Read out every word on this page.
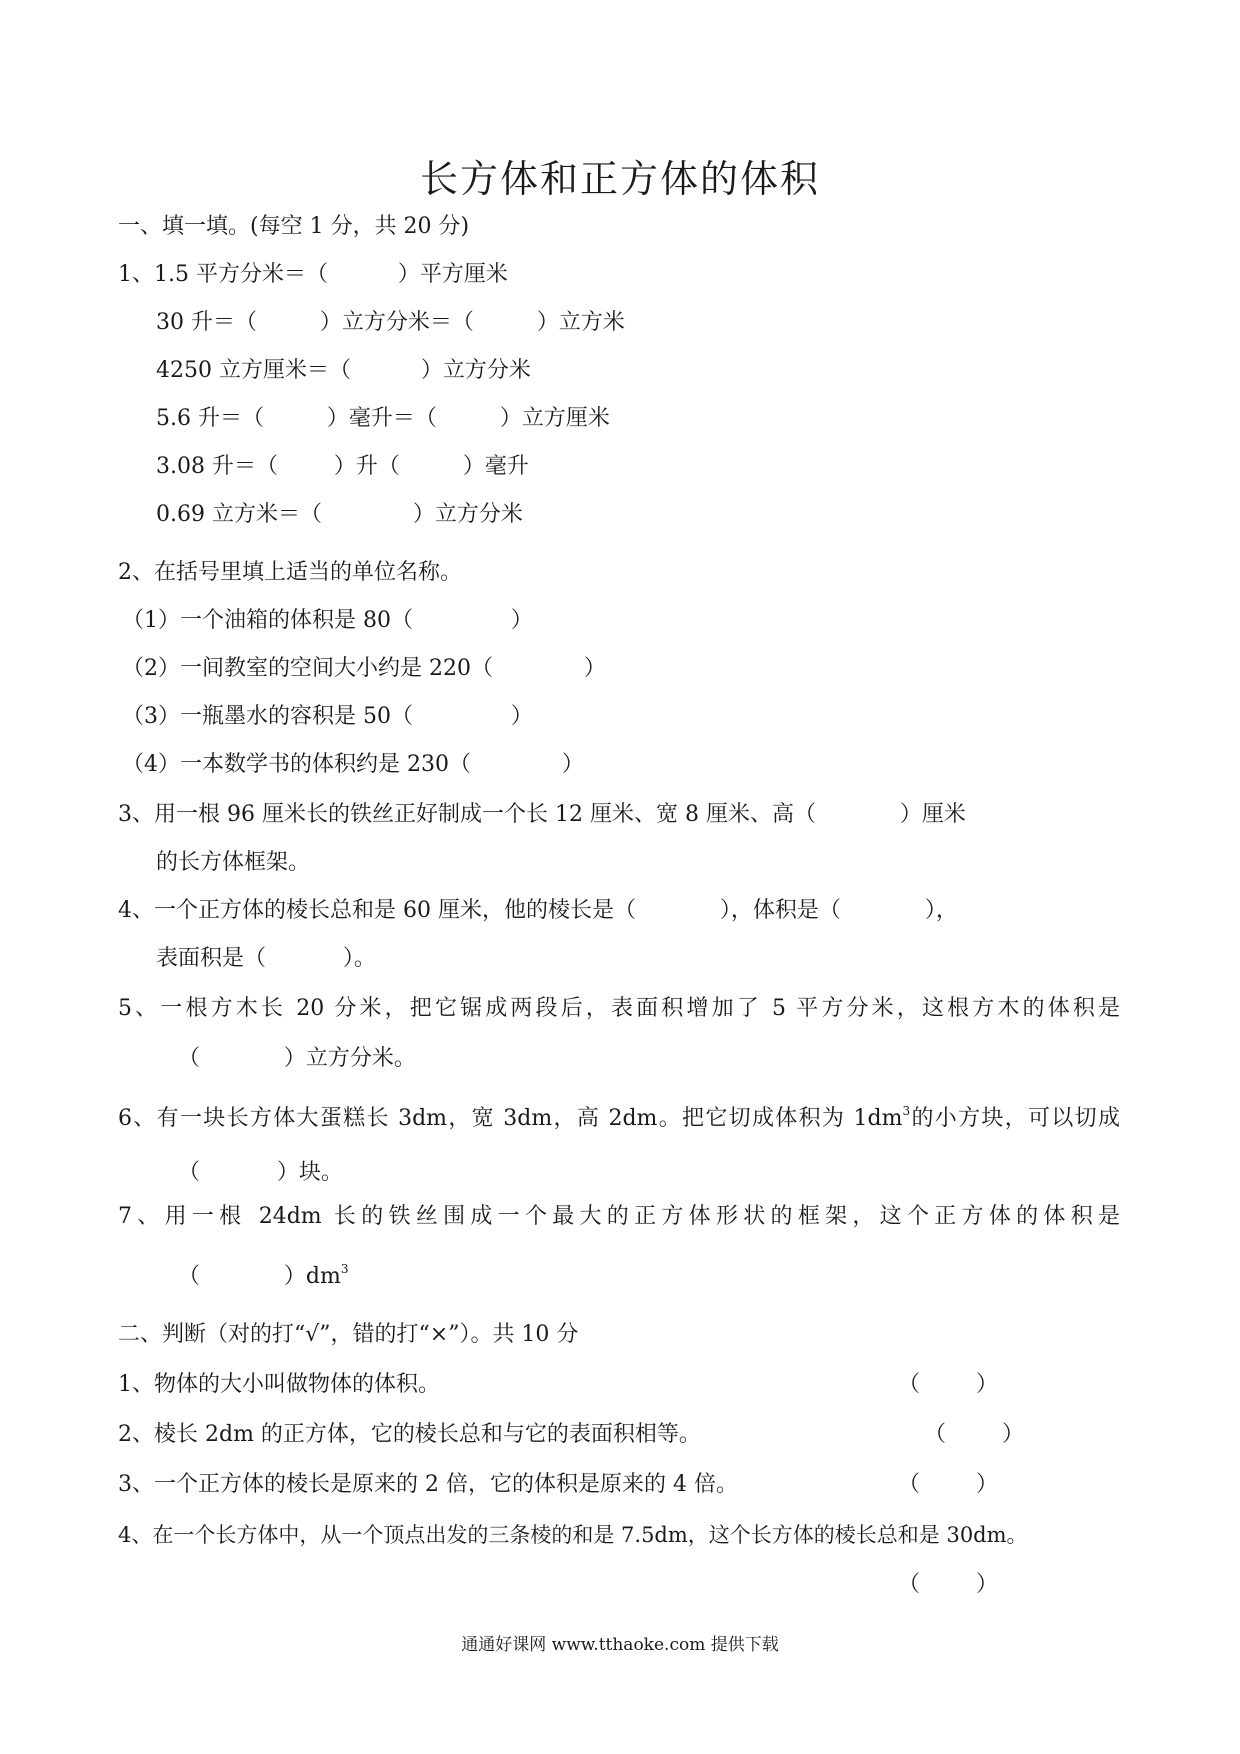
长方体和正方体的体积
一、填一填。(每空 1 分，共 20 分)
1、1.5 平方分米＝（          ）平方厘米
30 升＝（         ）立方分米＝（         ）立方米
4250 立方厘米＝（          ）立方分米
5.6 升＝（         ）毫升＝（         ）立方厘米
3.08 升＝（        ）升（         ）毫升
0.69 立方米＝（             ）立方分米
2、在括号里填上适当的单位名称。
（1）一个油箱的体积是 80（              ）
（2）一间教室的空间大小约是 220（             ）
（3）一瓶墨水的容积是 50（              ）
（4）一本数学书的体积约是 230（             ）
3、用一根 96 厘米长的铁丝正好制成一个长 12 厘米、宽 8 厘米、高（            ）厘米
的长方体框架。
4、一个正方体的棱长总和是 60 厘米，他的棱长是（            ），体积是（            ），
表面积是（           ）。
5、一根方木长 20 分米，把它锯成两段后，表面积增加了 5 平方分米，这根方木的体积是
（            ）立方分米。
6、有一块长方体大蛋糕长 3dm，宽 3dm，高 2dm。把它切成体积为 $1dm^3$的小方块，可以切成
（           ）块。
7、用一根 24dm 长的铁丝围成一个最大的正方体形状的框架，这个正方体的体积是
（            ）$dm^3$
二、判断（对的打“√”，错的打“×”）。共 10 分
1、物体的大小叫做物体的体积。	（        ）
2、棱长 2dm 的正方体，它的棱长总和与它的表面积相等。	（        ）
3、一个正方体的棱长是原来的 2 倍，它的体积是原来的 4 倍。	（        ）
4、在一个长方体中，从一个顶点出发的三条棱的和是 7.5dm，这个长方体的棱长总和是 30dm。
（        ）
通通好课网 www.tthaoke.com 提供下载
